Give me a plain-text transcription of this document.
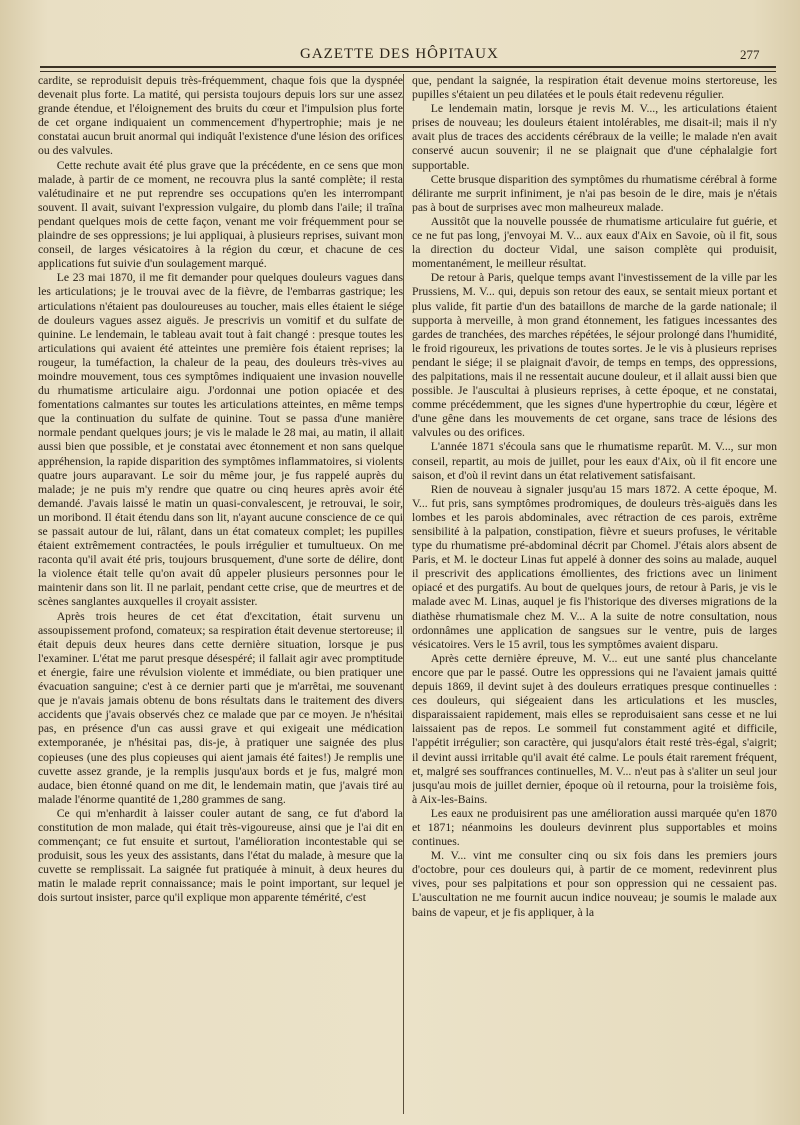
GAZETTE DES HÔPITAUX	277

cardite, se reproduisit depuis très-fréquemment, chaque fois que la dyspnée devenait plus forte. La matité, qui persista toujours depuis lors sur une assez grande étendue, et l'éloignement des bruits du cœur et l'impulsion plus forte de cet organe indiquaient un commencement d'hypertrophie; mais je ne constatai aucun bruit anormal qui indiquât l'existence d'une lésion des orifices ou des valvules.

Cette rechute avait été plus grave que la précédente, en ce sens que mon malade, à partir de ce moment, ne recouvra plus la santé complète; il resta valétudinaire et ne put reprendre ses occupations qu'en les interrompant souvent. Il avait, suivant l'expression vulgaire, du plomb dans l'aile; il traîna pendant quelques mois de cette façon, venant me voir fréquemment pour se plaindre de ses oppressions; je lui appliquai, à plusieurs reprises, suivant mon conseil, de larges vésicatoires à la région du cœur, et chacune de ces applications fut suivie d'un soulagement marqué.

Le 23 mai 1870, il me fit demander pour quelques douleurs vagues dans les articulations; je le trouvai avec de la fièvre, de l'embarras gastrique; les articulations n'étaient pas douloureuses au toucher, mais elles étaient le siége de douleurs vagues assez aiguës. Je prescrivis un vomitif et du sulfate de quinine. Le lendemain, le tableau avait tout à fait changé : presque toutes les articulations qui avaient été atteintes une première fois étaient reprises; la rougeur, la tuméfaction, la chaleur de la peau, des douleurs très-vives au moindre mouvement, tous ces symptômes indiquaient une invasion nouvelle du rhumatisme articulaire aigu. J'ordonnai une potion opiacée et des fomentations calmantes sur toutes les articulations atteintes, en même temps que la continuation du sulfate de quinine. Tout se passa d'une manière normale pendant quelques jours; je vis le malade le 28 mai, au matin, il allait aussi bien que possible, et je constatai avec étonnement et non sans quelque appréhension, la rapide disparition des symptômes inflammatoires, si violents quatre jours auparavant. Le soir du même jour, je fus rappelé auprès du malade; je ne puis m'y rendre que quatre ou cinq heures après avoir été demandé. J'avais laissé le matin un quasi-convalescent, je retrouvai, le soir, un moribond. Il était étendu dans son lit, n'ayant aucune conscience de ce qui se passait autour de lui, râlant, dans un état comateux complet; les pupilles étaient extrêmement contractées, le pouls irrégulier et tumultueux. On me raconta qu'il avait été pris, toujours brusquement, d'une sorte de délire, dont la violence était telle qu'on avait dû appeler plusieurs personnes pour le maintenir dans son lit. Il ne parlait, pendant cette crise, que de meurtres et de scènes sanglantes auxquelles il croyait assister.

Après trois heures de cet état d'excitation, était survenu un assoupissement profond, comateux; sa respiration était devenue stertoreuse; il était depuis deux heures dans cette dernière situation, lorsque je pus l'examiner. L'état me parut presque désespéré; il fallait agir avec promptitude et énergie, faire une révulsion violente et immédiate, ou bien pratiquer une évacuation sanguine; c'est à ce dernier parti que je m'arrêtai, me souvenant que je n'avais jamais obtenu de bons résultats dans le traitement des divers accidents que j'avais observés chez ce malade que par ce moyen. Je n'hésitai pas, en présence d'un cas aussi grave et qui exigeait une médication extemporanée, je n'hésitai pas, dis-je, à pratiquer une saignée des plus copieuses (une des plus copieuses qui aient jamais été faites!) Je remplis une cuvette assez grande, je la remplis jusqu'aux bords et je fus, malgré mon audace, bien étonné quand on me dit, le lendemain matin, que j'avais tiré au malade l'énorme quantité de 1,280 grammes de sang.

Ce qui m'enhardit à laisser couler autant de sang, ce fut d'abord la constitution de mon malade, qui était très-vigoureuse, ainsi que je l'ai dit en commençant; ce fut ensuite et surtout, l'amélioration incontestable qui se produisit, sous les yeux des assistants, dans l'état du malade, à mesure que la cuvette se remplissait. La saignée fut pratiquée à minuit, à deux heures du matin le malade reprit connaissance; mais le point important, sur lequel je dois surtout insister, parce qu'il explique mon apparente témérité, c'est

que, pendant la saignée, la respiration était devenue moins stertoreuse, les pupilles s'étaient un peu dilatées et le pouls était redevenu régulier.

Le lendemain matin, lorsque je revis M. V..., les articulations étaient prises de nouveau; les douleurs étaient intolérables, me disait-il; mais il n'y avait plus de traces des accidents cérébraux de la veille; le malade n'en avait conservé aucun souvenir; il ne se plaignait que d'une céphalalgie fort supportable.

Cette brusque disparition des symptômes du rhumatisme cérébral à forme délirante me surprit infiniment, je n'ai pas besoin de le dire, mais je n'étais pas à bout de surprises avec mon malheureux malade.

Aussitôt que la nouvelle poussée de rhumatisme articulaire fut guérie, et ce ne fut pas long, j'envoyai M. V... aux eaux d'Aix en Savoie, où il fit, sous la direction du docteur Vidal, une saison complète qui produisit, momentanément, le meilleur résultat.

De retour à Paris, quelque temps avant l'investissement de la ville par les Prussiens, M. V... qui, depuis son retour des eaux, se sentait mieux portant et plus valide, fit partie d'un des bataillons de marche de la garde nationale; il supporta à merveille, à mon grand étonnement, les fatigues incessantes des gardes de tranchées, des marches répétées, le séjour prolongé dans l'humidité, le froid rigoureux, les privations de toutes sortes. Je le vis à plusieurs reprises pendant le siége; il se plaignait d'avoir, de temps en temps, des oppressions, des palpitations, mais il ne ressentait aucune douleur, et il allait aussi bien que possible. Je l'auscultai à plusieurs reprises, à cette époque, et ne constatai, comme précédemment, que les signes d'une hypertrophie du cœur, légère et d'une gêne dans les mouvements de cet organe, sans trace de lésions des valvules ou des orifices.

L'année 1871 s'écoula sans que le rhumatisme reparût. M. V..., sur mon conseil, repartit, au mois de juillet, pour les eaux d'Aix, où il fit encore une saison, et d'où il revint dans un état relativement satisfaisant.

Rien de nouveau à signaler jusqu'au 15 mars 1872. A cette époque, M. V... fut pris, sans symptômes prodromiques, de douleurs très-aiguës dans les lombes et les parois abdominales, avec rétraction de ces parois, extrême sensibilité à la palpation, constipation, fièvre et sueurs profuses, le véritable type du rhumatisme pré-abdominal décrit par Chomel. J'étais alors absent de Paris, et M. le docteur Linas fut appelé à donner des soins au malade, auquel il prescrivit des applications émollientes, des frictions avec un liniment opiacé et des purgatifs. Au bout de quelques jours, de retour à Paris, je vis le malade avec M. Linas, auquel je fis l'historique des diverses migrations de la diathèse rhumatismale chez M. V... A la suite de notre consultation, nous ordonnâmes une application de sangsues sur le ventre, puis de larges vésicatoires. Vers le 15 avril, tous les symptômes avaient disparu.

Après cette dernière épreuve, M. V... eut une santé plus chancelante encore que par le passé. Outre les oppressions qui ne l'avaient jamais quitté depuis 1869, il devint sujet à des douleurs erratiques presque continuelles : ces douleurs, qui siégeaient dans les articulations et les muscles, disparaissaient rapidement, mais elles se reproduisaient sans cesse et ne lui laissaient pas de repos. Le sommeil fut constamment agité et difficile, l'appétit irrégulier; son caractère, qui jusqu'alors était resté très-égal, s'aigrit; il devint aussi irritable qu'il avait été calme. Le pouls était rarement fréquent, et, malgré ses souffrances continuelles, M. V... n'eut pas à s'aliter un seul jour jusqu'au mois de juillet dernier, époque où il retourna, pour la troisième fois, à Aix-les-Bains.

Les eaux ne produisirent pas une amélioration aussi marquée qu'en 1870 et 1871; néanmoins les douleurs devinrent plus supportables et moins continues.

M. V... vint me consulter cinq ou six fois dans les premiers jours d'octobre, pour ces douleurs qui, à partir de ce moment, redevinrent plus vives, pour ses palpitations et pour son oppression qui ne cessaient pas. L'auscultation ne me fournit aucun indice nouveau; je soumis le malade aux bains de vapeur, et je fis appliquer, à la
